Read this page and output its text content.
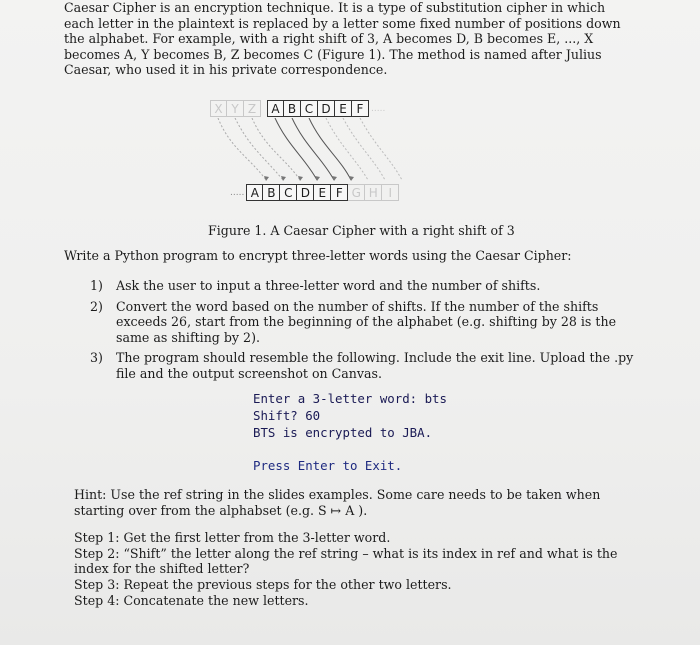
Caesar Cipher is an encryption technique. It is a type of substitution cipher in which each letter in the plaintext is replaced by a letter some fixed number of positions down the alphabet. For example, with a right shift of 3, A becomes D, B becomes E, ..., X becomes A, Y becomes B, Z becomes C (Figure 1). The method is named after Julius Caesar, who used it in his private correspondence.

X Y Z	A B C D E F .....
..... A B C D E F G H I
Figure 1. A Caesar Cipher with a right shift of 3
Write a Python program to encrypt three-letter words using the Caesar Cipher:
1)	Ask the user to input a three-letter word and the number of shifts.
2)	Convert the word based on the number of shifts. If the number of the shifts exceeds 26, start from the beginning of the alphabet (e.g. shifting by 28 is the same as shifting by 2).
3)	The program should resemble the following. Include the exit line. Upload the .py file and the output screenshot on Canvas.
Enter a 3-letter word: bts
Shift? 60
BTS is encrypted to JBA.
Press Enter to Exit.

Hint: Use the ref string in the slides examples. Some care needs to be taken when starting over from the alphabset (e.g. S ↦ A ).

Step 1: Get the first letter from the 3-letter word.

Step 2: “Shift” the letter along the ref string – what is its index in ref and what is the index for the shifted letter?

Step 3: Repeat the previous steps for the other two letters.

Step 4: Concatenate the new letters.
